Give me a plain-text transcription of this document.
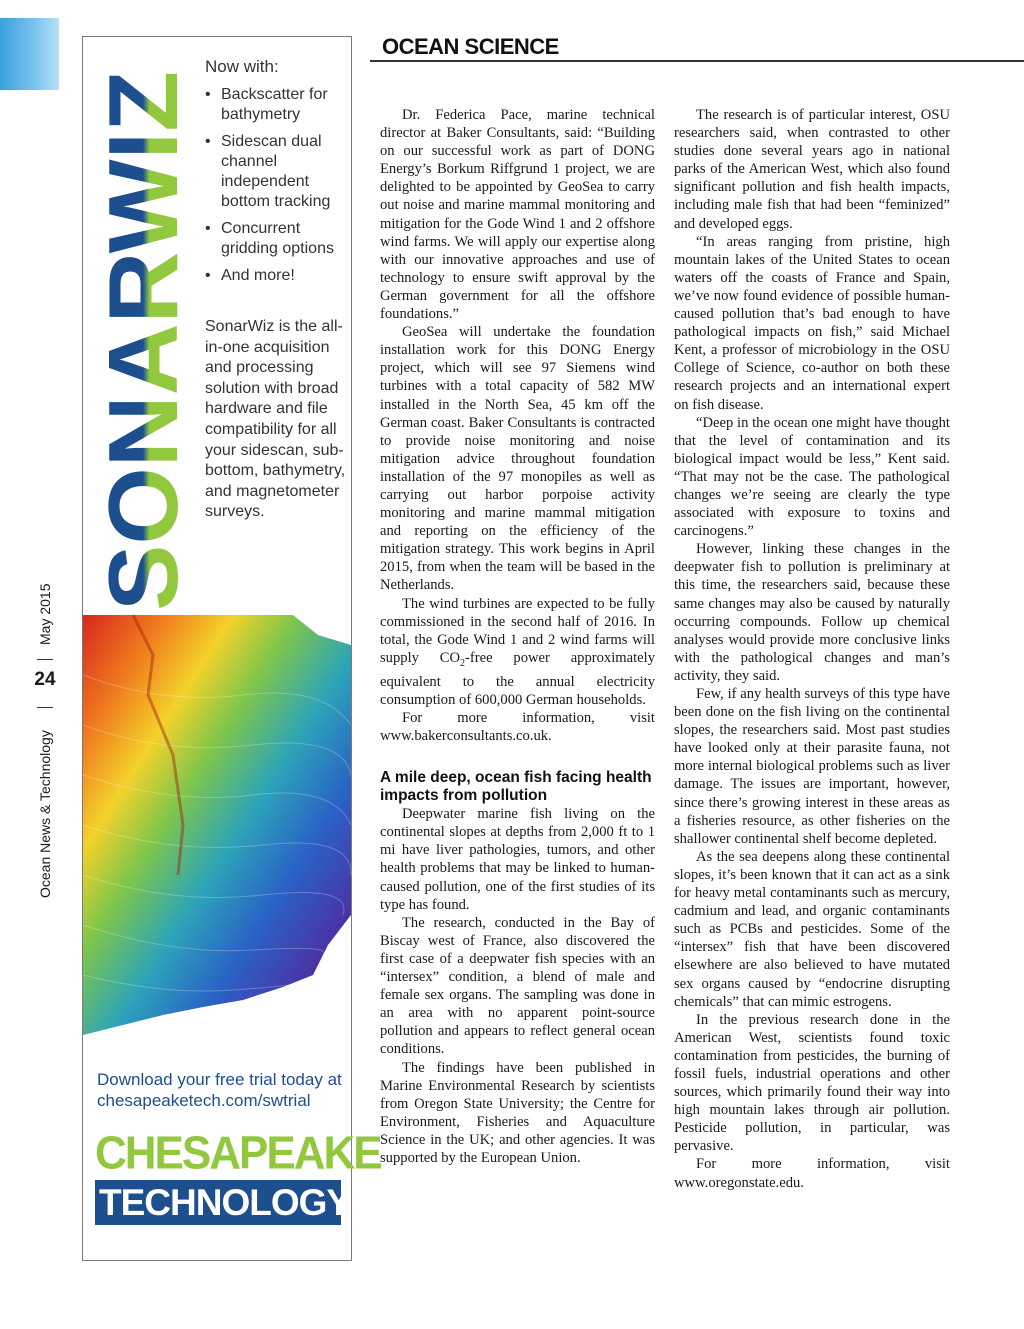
May 2015
24
Ocean News & Technology
SONARWIZ
Now with:
• Backscatter for bathymetry
• Sidescan dual channel independent bottom tracking
• Concurrent gridding options
• And more!
SonarWiz is the all-in-one acquisition and processing solution with broad hardware and file compatibility for all your sidescan, sub-bottom, bathymetry, and magnetometer surveys.
Download your free trial today at chesapeaketech.com/swtrial
CHESAPEAKE
TECHNOLOGY
OCEAN SCIENCE

Dr. Federica Pace, marine technical director at Baker Consultants, said: “Building on our successful work as part of DONG Energy’s Borkum Riffgrund 1 project, we are delighted to be appointed by GeoSea to carry out noise and marine mammal monitoring and mitigation for the Gode Wind 1 and 2 offshore wind farms. We will apply our expertise along with our innovative approaches and use of technology to ensure swift approval by the German government for all the offshore foundations.”

GeoSea will undertake the foundation installation work for this DONG Energy project, which will see 97 Siemens wind turbines with a total capacity of 582 MW installed in the North Sea, 45 km off the German coast. Baker Consultants is contracted to provide noise monitoring and noise mitigation advice throughout foundation installation of the 97 monopiles as well as carrying out harbor porpoise activity monitoring and marine mammal mitigation and reporting on the efficiency of the mitigation strategy. This work begins in April 2015, from when the team will be based in the Netherlands.

The wind turbines are expected to be fully commissioned in the second half of 2016. In total, the Gode Wind 1 and 2 wind farms will supply $CO_2$-free power approximately equivalent to the annual electricity consumption of 600,000 German households.

For more information, visit www.bakerconsultants.co.uk.

A mile deep, ocean fish facing health impacts from pollution

Deepwater marine fish living on the continental slopes at depths from 2,000 ft to 1 mi have liver pathologies, tumors, and other health problems that may be linked to human-caused pollution, one of the first studies of its type has found.

The research, conducted in the Bay of Biscay west of France, also discovered the first case of a deepwater fish species with an “intersex” condition, a blend of male and female sex organs. The sampling was done in an area with no apparent point-source pollution and appears to reflect general ocean conditions.

The findings have been published in Marine Environmental Research by scientists from Oregon State University; the Centre for Environment, Fisheries and Aquaculture Science in the UK; and other agencies. It was supported by the European Union.

The research is of particular interest, OSU researchers said, when contrasted to other studies done several years ago in national parks of the American West, which also found significant pollution and fish health impacts, including male fish that had been “feminized” and developed eggs.

“In areas ranging from pristine, high mountain lakes of the United States to ocean waters off the coasts of France and Spain, we’ve now found evidence of possible human-caused pollution that’s bad enough to have pathological impacts on fish,” said Michael Kent, a professor of microbiology in the OSU College of Science, co-author on both these research projects and an international expert on fish disease.

“Deep in the ocean one might have thought that the level of contamination and its biological impact would be less,” Kent said. “That may not be the case. The pathological changes we’re seeing are clearly the type associated with exposure to toxins and carcinogens.”

However, linking these changes in the deepwater fish to pollution is preliminary at this time, the researchers said, because these same changes may also be caused by naturally occurring compounds. Follow up chemical analyses would provide more conclusive links with the pathological changes and man’s activity, they said.

Few, if any health surveys of this type have been done on the fish living on the continental slopes, the researchers said. Most past studies have looked only at their parasite fauna, not more internal biological problems such as liver damage. The issues are important, however, since there’s growing interest in these areas as a fisheries resource, as other fisheries on the shallower continental shelf become depleted.

As the sea deepens along these continental slopes, it’s been known that it can act as a sink for heavy metal contaminants such as mercury, cadmium and lead, and organic contaminants such as PCBs and pesticides. Some of the “intersex” fish that have been discovered elsewhere are also believed to have mutated sex organs caused by “endocrine disrupting chemicals” that can mimic estrogens.

In the previous research done in the American West, scientists found toxic contamination from pesticides, the burning of fossil fuels, industrial operations and other sources, which primarily found their way into high mountain lakes through air pollution. Pesticide pollution, in particular, was pervasive.

For more information, visit www.oregonstate.edu.
